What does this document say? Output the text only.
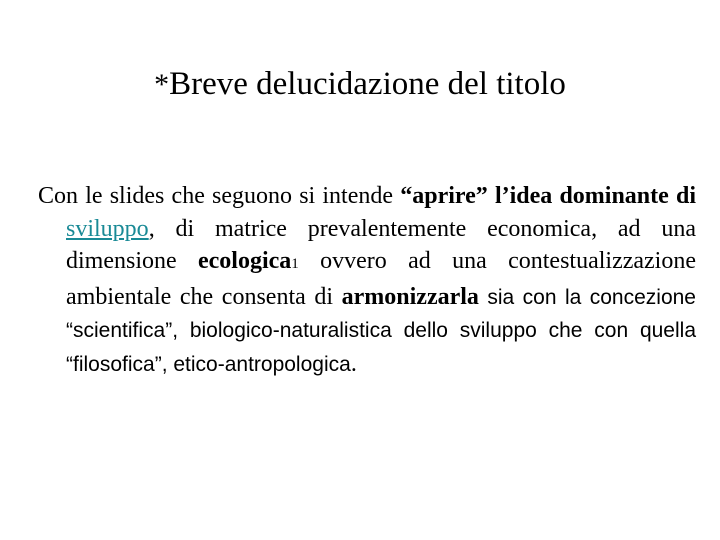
*Breve delucidazione del titolo

Con le slides che seguono si intende “aprire” l’idea dominante di sviluppo, di matrice prevalentemente economica, ad una dimensione ecologica1 ovvero ad una contestualizzazione ambientale che consenta di armonizzarla sia con la concezione “scientifica”, biologico-naturalistica dello sviluppo che con quella “filosofica”, etico-antropologica.
